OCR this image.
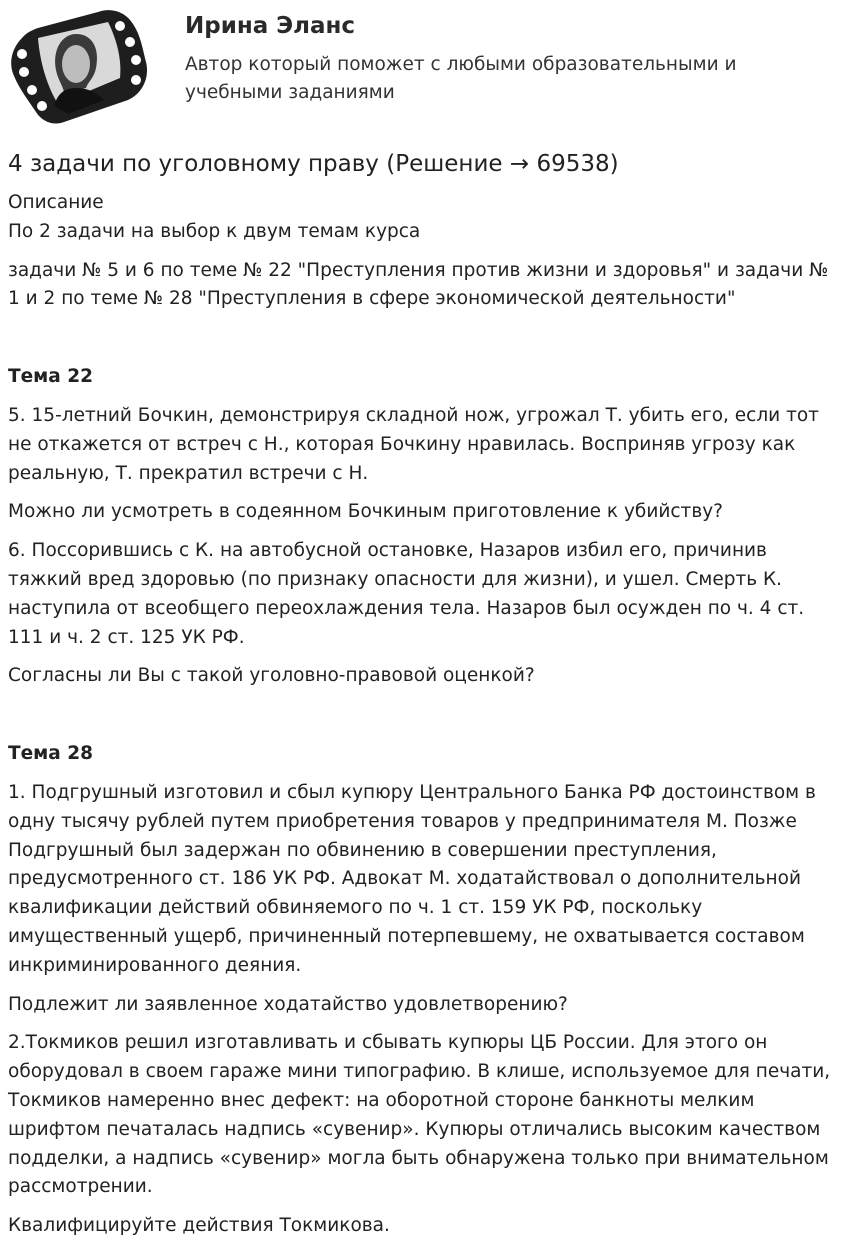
Ирина Эланс
Автор который поможет с любыми образовательными и учебными заданиями
4 задачи по уголовному праву (Решение → 69538)

Описание

По 2 задачи на выбор к двум темам курса

задачи № 5 и 6 по теме № 22 "Преступления против жизни и здоровья" и задачи № 1 и 2 по теме № 28 "Преступления в сфере экономической деятельности"

Тема 22

5. 15-летний Бочкин, демонстрируя складной нож, угрожал Т. убить его, если тот не откажется от встреч с Н., которая Бочкину нравилась. Восприняв угрозу как реальную, Т. прекратил встречи с Н.

Можно ли усмотреть в содеянном Бочкиным приготовление к убийству?

6. Поссорившись с К. на автобусной остановке, Назаров избил его, причинив тяжкий вред здоровью (по признаку опасности для жизни), и ушел. Смерть К. наступила от всеобщего переохлаждения тела. Назаров был осужден по ч. 4 ст. 111 и ч. 2 ст. 125 УК РФ.

Согласны ли Вы с такой уголовно-правовой оценкой?

Тема 28

1. Подгрушный изготовил и сбыл купюру Центрального Банка РФ достоинством в одну тысячу рублей путем приобретения товаров у предпринимателя М. Позже Подгрушный был задержан по обвинению в совершении преступления, предусмотренного ст. 186 УК РФ. Адвокат М. ходатайствовал о дополнительной квалификации действий обвиняемого по ч. 1 ст. 159 УК РФ, поскольку имущественный ущерб, причиненный потерпевшему, не охватывается составом инкриминированного деяния.

Подлежит ли заявленное ходатайство удовлетворению?

2.Токмиков решил изготавливать и сбывать купюры ЦБ России. Для этого он оборудовал в своем гараже мини типографию. В клише, используемое для печати, Токмиков намеренно внес дефект: на оборотной стороне банкноты мелким шрифтом печаталась надпись «сувенир». Купюры отличались высоким качеством подделки, а надпись «сувенир» могла быть обнаружена только при внимательном рассмотрении.

Квалифицируйте действия Токмикова.
